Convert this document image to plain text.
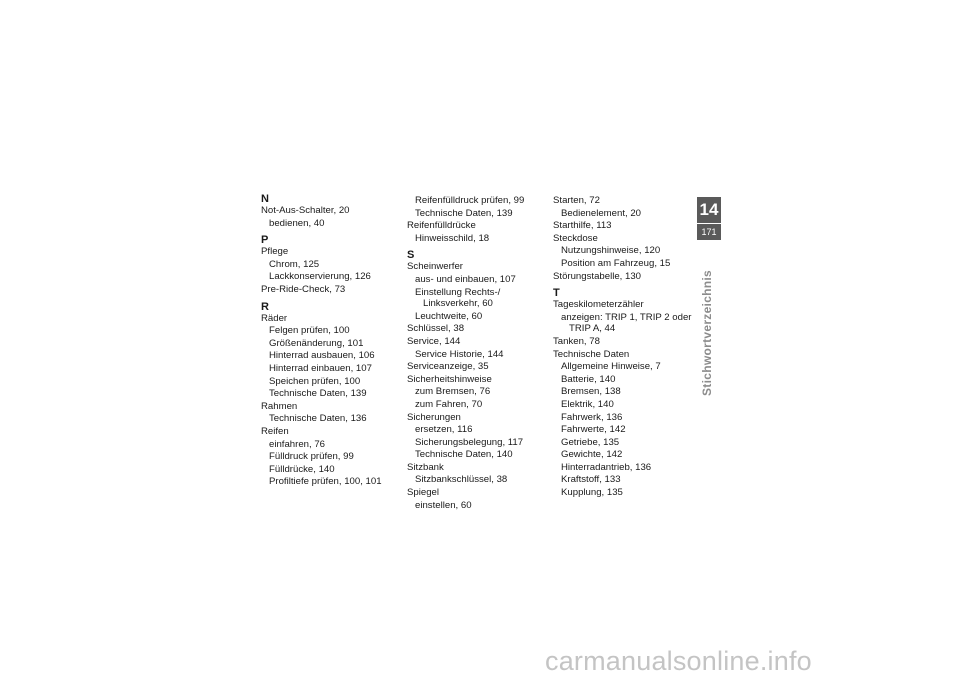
N
Not-Aus-Schalter, 20
bedienen, 40
P
Pflege
Chrom, 125
Lackkonservierung, 126
Pre-Ride-Check, 73
R
Räder
Felgen prüfen, 100
Größenänderung, 101
Hinterrad ausbauen, 106
Hinterrad einbauen, 107
Speichen prüfen, 100
Technische Daten, 139
Rahmen
Technische Daten, 136
Reifen
einfahren, 76
Fülldruck prüfen, 99
Fülldrücke, 140
Profiltiefe prüfen, 100, 101
Reifenfülldruck prüfen, 99
Technische Daten, 139
Reifenfülldrücke
Hinweisschild, 18
S
Scheinwerfer
aus- und einbauen, 107
Einstellung Rechts-/ Linksverkehr, 60
Leuchtweite, 60
Schlüssel, 38
Service, 144
Service Historie, 144
Serviceanzeige, 35
Sicherheitshinweise
zum Bremsen, 76
zum Fahren, 70
Sicherungen
ersetzen, 116
Sicherungsbelegung, 117
Technische Daten, 140
Sitzbank
Sitzbankschlüssel, 38
Spiegel
einstellen, 60
Starten, 72
Bedienelement, 20
Starthilfe, 113
Steckdose
Nutzungshinweise, 120
Position am Fahrzeug, 15
Störungstabelle, 130
T
Tageskilometerzähler
anzeigen: TRIP 1, TRIP 2 oder TRIP A, 44
Tanken, 78
Technische Daten
Allgemeine Hinweise, 7
Batterie, 140
Bremsen, 138
Elektrik, 140
Fahrwerk, 136
Fahrwerte, 142
Getriebe, 135
Gewichte, 142
Hinterradantrieb, 136
Kraftstoff, 133
Kupplung, 135
14
171
Stichwortverzeichnis
carmanualsonline.info
